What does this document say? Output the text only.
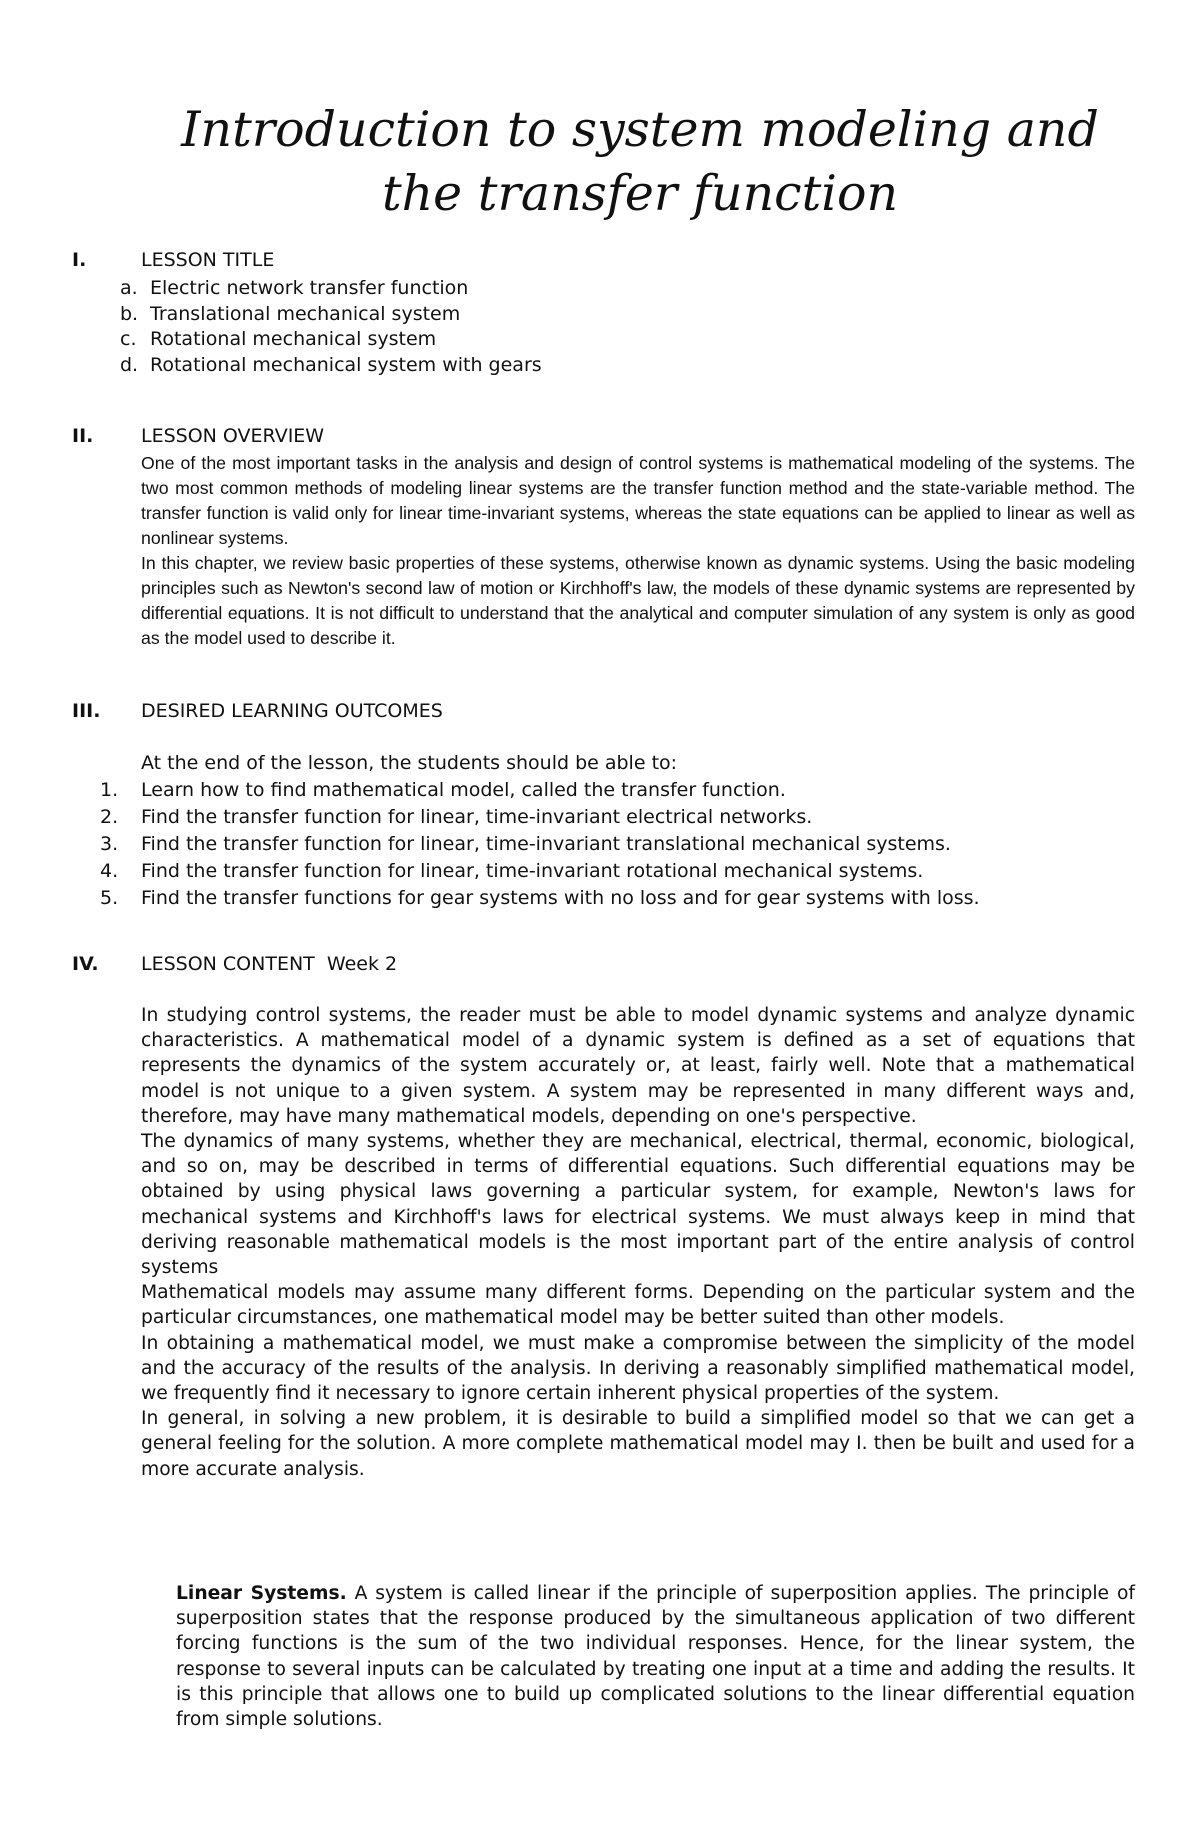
Introduction to system modeling and the transfer function
I.	LESSON TITLE
a. Electric network transfer function
b. Translational mechanical system
c. Rotational mechanical system
d. Rotational mechanical system with gears
II.	LESSON OVERVIEW

One of the most important tasks in the analysis and design of control systems is mathematical modeling of the systems. The two most common methods of modeling linear systems are the transfer function method and the state-variable method. The transfer function is valid only for linear time-invariant systems, whereas the state equations can be applied to linear as well as nonlinear systems.

In this chapter, we review basic properties of these systems, otherwise known as dynamic systems. Using the basic modeling principles such as Newton's second law of motion or Kirchhoff's law, the models of these dynamic systems are represented by differential equations. It is not difficult to understand that the analytical and computer simulation of any system is only as good as the model used to describe it.

III. DESIRED LEARNING OUTCOMES
At the end of the lesson, the students should be able to:
1. Learn how to find mathematical model, called the transfer function.
2. Find the transfer function for linear, time-invariant electrical networks.
3. Find the transfer function for linear, time-invariant translational mechanical systems.
4. Find the transfer function for linear, time-invariant rotational mechanical systems.
5. Find the transfer functions for gear systems with no loss and for gear systems with loss.
IV. LESSON CONTENT Week 2

In studying control systems, the reader must be able to model dynamic systems and analyze dynamic characteristics. A mathematical model of a dynamic system is defined as a set of equations that represents the dynamics of the system accurately or, at least, fairly well. Note that a mathematical model is not unique to a given system. A system may be represented in many different ways and, therefore, may have many mathematical models, depending on one's perspective.

The dynamics of many systems, whether they are mechanical, electrical, thermal, economic, biological, and so on, may be described in terms of differential equations. Such differential equations may be obtained by using physical laws governing a particular system, for example, Newton's laws for mechanical systems and Kirchhoff's laws for electrical systems. We must always keep in mind that deriving reasonable mathematical models is the most important part of the entire analysis of control systems

Mathematical models may assume many different forms. Depending on the particular system and the particular circumstances, one mathematical model may be better suited than other models.

In obtaining a mathematical model, we must make a compromise between the simplicity of the model and the accuracy of the results of the analysis. In deriving a reasonably simplified mathematical model, we frequently find it necessary to ignore certain inherent physical properties of the system.

In general, in solving a new problem, it is desirable to build a simplified model so that we can get a general feeling for the solution. A more complete mathematical model may I. then be built and used for a more accurate analysis.

Linear Systems. A system is called linear if the principle of superposition applies. The principle of superposition states that the response produced by the simultaneous application of two different forcing functions is the sum of the two individual responses. Hence, for the linear system, the response to several inputs can be calculated by treating one input at a time and adding the results. It is this principle that allows one to build up complicated solutions to the linear differential equation from simple solutions.
